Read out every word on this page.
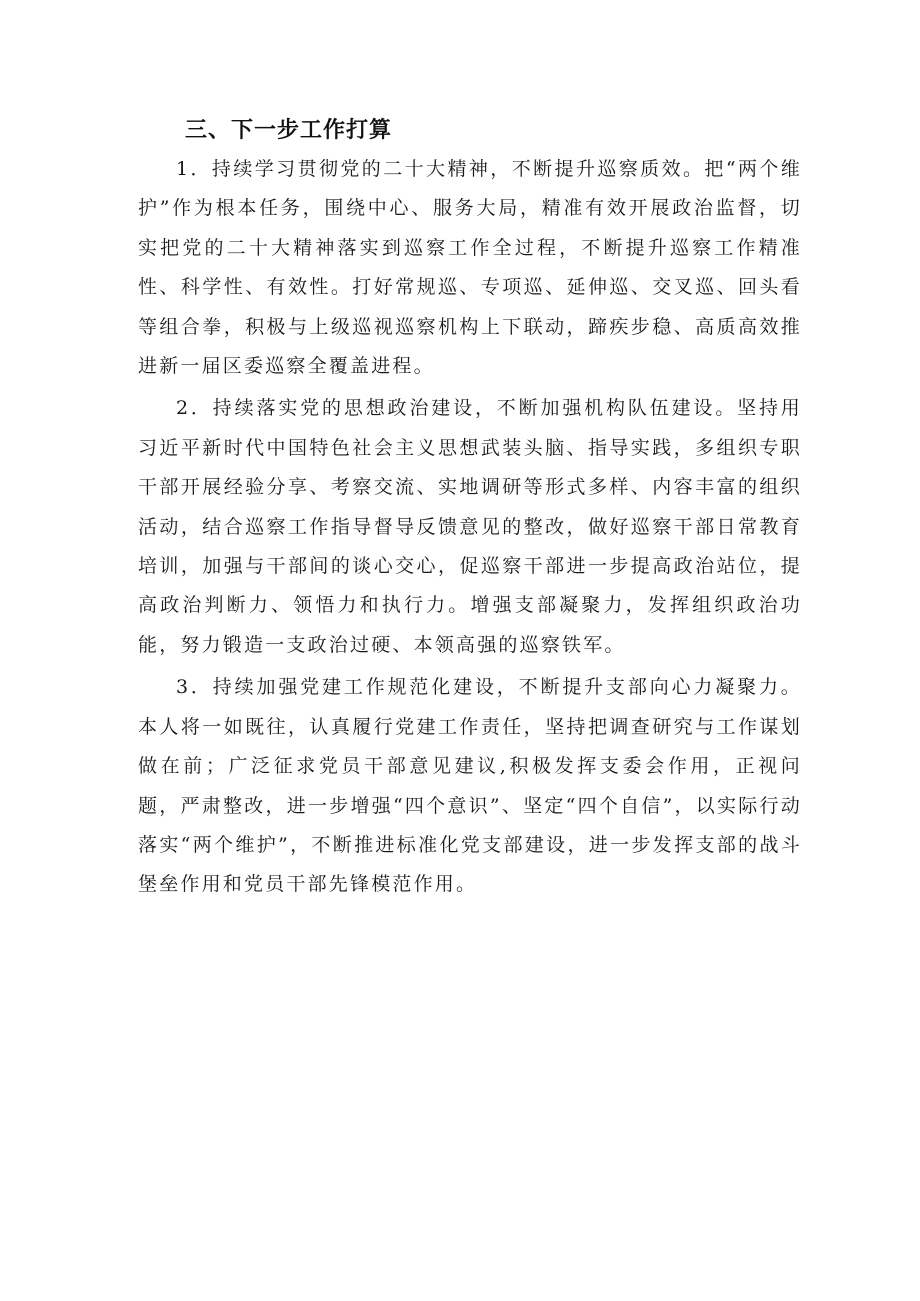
三、下一步工作打算

1．持续学习贯彻党的二十大精神，不断提升巡察质效。把“两个维护”作为根本任务，围绕中心、服务大局，精准有效开展政治监督，切实把党的二十大精神落实到巡察工作全过程，不断提升巡察工作精准性、科学性、有效性。打好常规巡、专项巡、延伸巡、交叉巡、回头看等组合拳，积极与上级巡视巡察机构上下联动，蹄疾步稳、高质高效推进新一届区委巡察全覆盖进程。

2．持续落实党的思想政治建设，不断加强机构队伍建设。坚持用习近平新时代中国特色社会主义思想武装头脑、指导实践，多组织专职干部开展经验分享、考察交流、实地调研等形式多样、内容丰富的组织活动，结合巡察工作指导督导反馈意见的整改，做好巡察干部日常教育培训，加强与干部间的谈心交心，促巡察干部进一步提高政治站位，提高政治判断力、领悟力和执行力。增强支部凝聚力，发挥组织政治功能，努力锻造一支政治过硬、本领高强的巡察铁军。

3．持续加强党建工作规范化建设，不断提升支部向心力凝聚力。本人将一如既往，认真履行党建工作责任，坚持把调查研究与工作谋划做在前；广泛征求党员干部意见建议,积极发挥支委会作用，正视问题，严肃整改，进一步增强“四个意识”、坚定“四个自信”，以实际行动落实“两个维护”，不断推进标准化党支部建设，进一步发挥支部的战斗堡垒作用和党员干部先锋模范作用。
